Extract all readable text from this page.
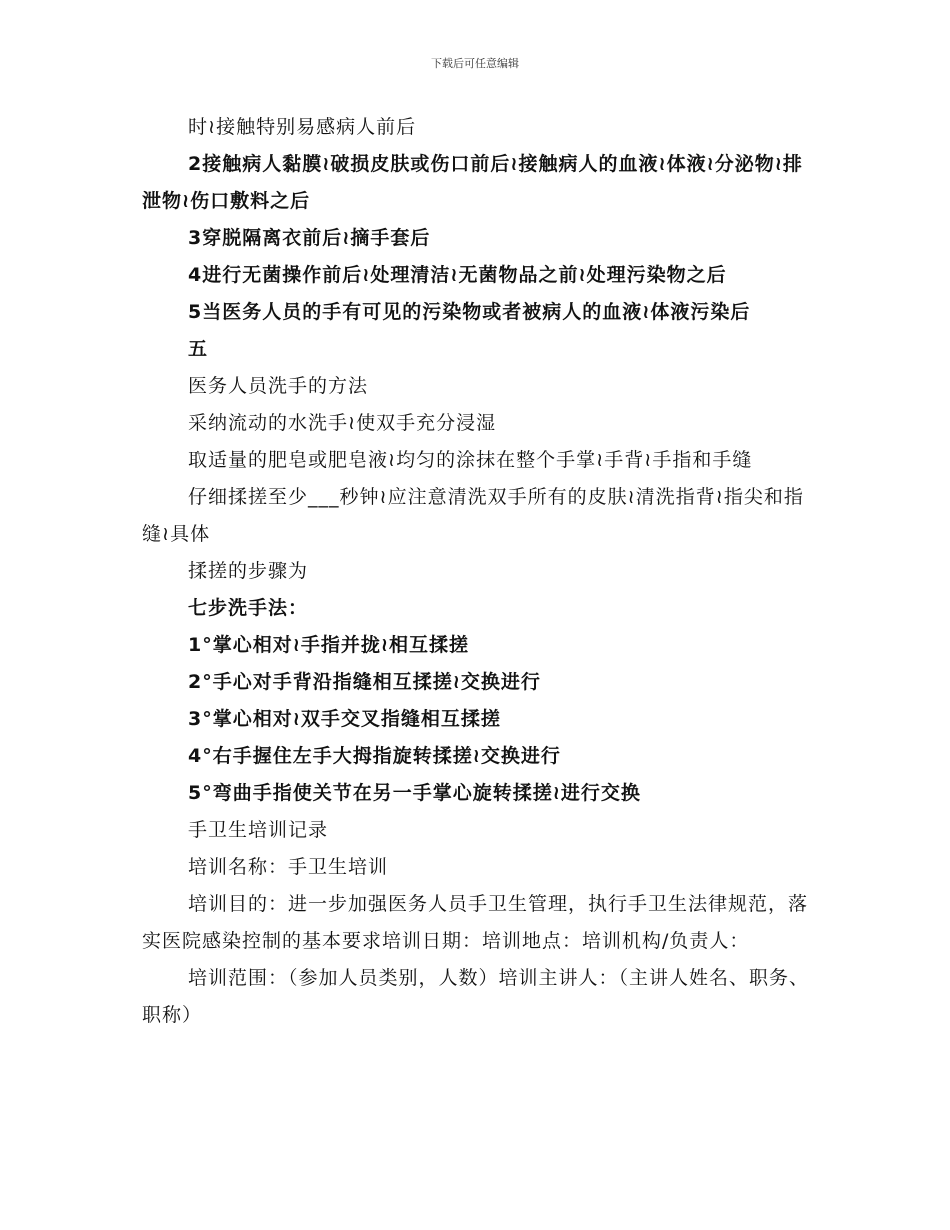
下载后可任意编辑

时≀接触特别易感病人前后

2接触病人黏膜≀破损皮肤或伤口前后≀接触病人的血液≀体液≀分泌物≀排泄物≀伤口敷料之后

3穿脱隔离衣前后≀摘手套后

4进行无菌操作前后≀处理清洁≀无菌物品之前≀处理污染物之后

5当医务人员的手有可见的污染物或者被病人的血液≀体液污染后

五

医务人员洗手的方法

采纳流动的水洗手≀使双手充分浸湿

取适量的肥皂或肥皂液≀均匀的涂抹在整个手掌≀手背≀手指和手缝

仔细揉搓至少___秒钟≀应注意清洗双手所有的皮肤≀清洗指背≀指尖和指缝≀具体

揉搓的步骤为

七步洗手法：

1°掌心相对≀手指并拢≀相互揉搓

2°手心对手背沿指缝相互揉搓≀交换进行

3°掌心相对≀双手交叉指缝相互揉搓

4°右手握住左手大拇指旋转揉搓≀交换进行

5°弯曲手指使关节在另一手掌心旋转揉搓≀进行交换

手卫生培训记录

培训名称：手卫生培训

培训目的：进一步加强医务人员手卫生管理，执行手卫生法律规范，落实医院感染控制的基本要求培训日期：培训地点：培训机构/负责人：

培训范围：（参加人员类别，人数）培训主讲人：（主讲人姓名、职务、职称）
